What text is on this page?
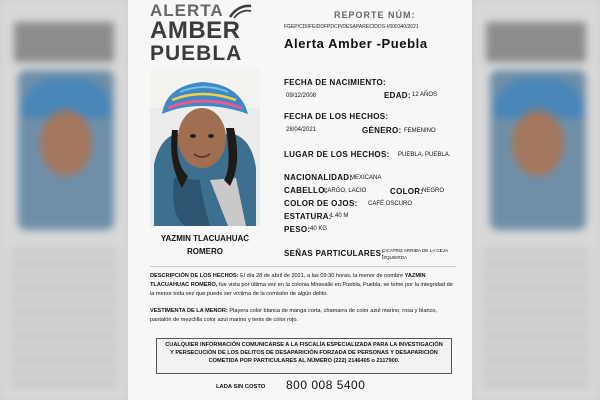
ALERTA
AMBER
PUEBLA
REPORTE NÚM:
FGEP/CDI/FEIDDFPDCP/DESAPARECIDOS-I/000340/2021
Alerta Amber -Puebla
YAZMIN TLACUAHUAC ROMERO
FECHA DE NACIMIENTO:
09/12/2008	EDAD: 12 AÑOS
FECHA DE LOS HECHOS:
28/04/2021	GÉNERO: FEMENINO
LUGAR DE LOS HECHOS: PUEBLA, PUEBLA.
NACIONALIDAD:
MEXICANA
CABELLO:
LARGO, LACIO	COLOR:
NEGRO
COLOR DE OJOS: CAFÉ OSCURO
ESTATURA:
1.40 M
PESO: 40 KG
SEÑAS PARTICULARES:
CICATRIZ ARRIBA DE LA CEJA IZQUIERDA
DESCRIPCIÓN DE LOS HECHOS: El día 28 de abril de 2021, a las 09:30 horas, la menor de nombre YAZMIN TLACUAHUAC ROMERO, fue vista por última vez en la colonia Miravalle en Puebla, Puebla; se teme por la integridad de la menor toda vez que puede ser víctima de la comisión de algún delito.
VESTIMENTA DE LA MENOR: Playera color blanca de manga corta, chamarra de color azul marino, rosa y blanco, pantalón de mezclilla color azul marino y tenis de color rojo.
CUALQUIER INFORMACIÓN COMUNICARSE A LA FISCALÍA ESPECIALIZADA PARA LA INVESTIGACIÓN Y PERSECUCIÓN DE LOS DELITOS DE DESAPARICIÓN FORZADA DE PERSONAS Y DESAPARICIÓN COMETIDA POR PARTICULARES AL NÚMERO (222) 2146405 o 2117900.
LADA SIN COSTO 800 008 5400
